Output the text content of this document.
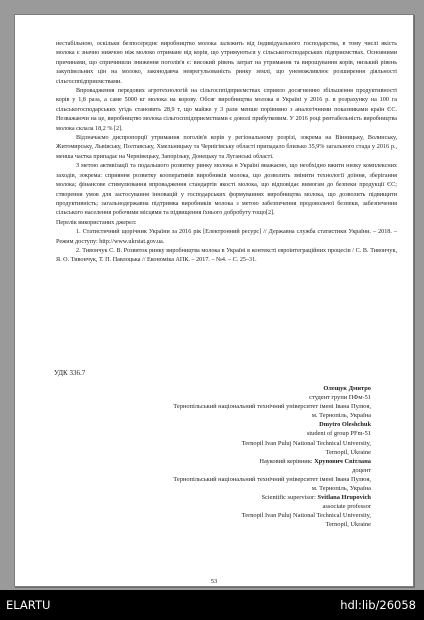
нестабільною, оскільки безпосереднє виробництво молока залежить від індивідуального господарства, в тому числі якість молока є значно нижчою ніж молоко отримане від корів, що утримуються у сільськогосподарських підприємствах. Основними причинами, що спричинили зниження поголів'я є: високий рівень затрат на утримання та вирощування корів, низький рівень закупівельних цін на молоко, законодавча неврегульованість ринку землі, що унеможливлює розширення діяльності сільгосппідприємствами.

Впровадження передових агротехнологій на сільгосппідприємствах сприяло досягненню збільшення продуктивності корів у 1,8 раза, а саме 5000 кг молока на корову. Обсяг виробництва молока в Україні у 2016 р. в розрахунку на 100 га сільськогосподарських угідь становить 28,9 т, що майже у 3 рази менше порівняно з аналогічними показниками країн ЄС. Незважаючи на це, виробництво молока сільгосппідприємствами є доволі прибутковим. У 2016 році рентабельність виробництва молока склала 18,2 % [2].

Відзначаємо диспропорції утримання поголів'я корів у регіональному розрізі, зокрема на Вінницьку, Волинську, Житомирську, Львівську, Полтавську, Хмельницьку та Чернігівську області припадало близько 35,9% загального стада у 2016 р., менша частка припадає на Чернівецьку, Запорізьку, Донецьку та Луганські області.

З метою активізації та подальшого розвитку ринку молока в Україні вважаємо, що необхідно вжити низку комплексних заходів, зокрема: сприяння розвитку кооперативів виробників молока, що дозволить змінити технології доїння, зберігання молока; фінансове стимулювання впровадження стандартів якості молока, що відповідає вимогам до безпеки продукції ЄС; створення умов для застосування інновацій у господарських формуваннях виробництва молока, що дозволить підвищити продуктивність; загальнодержавна підтримка виробників молока з метою забезпечення продовольчої безпеки, забезпечення сільського населення робочими місцями та підвищення їхнього добробуту тощо[2].

Перелік використаних джерел:

1. Статистичний щорічник України за 2016 рік [Електронний ресурс] // Державна служба статистики України. – 2018. – Режим доступу: http://www.ukrstat.gov.ua.

2. Тивончук С. В. Розвиток ринку виробництва молока в Україні в контексті євроінтеграційних процесів / С. В. Тивончук, Я. О. Тивончук, Т. П. Павлоцька // Економіка АПК. – 2017. – №4. – С. 25–31.

УДК 336.7
Олещук Дмитро
студент групи ПФм-51
Тернопільський національний технічний університет імені Івана Пулюя,
м. Тернопіль, Україна
Dmytro Oleshchuk
student of group PFm-51
Ternopil Ivan Puluj National Technical University,
Ternopil, Ukraine
Науковий керівник: Хрупович Світлана
доцент
Тернопільський національний технічний університет імені Івана Пулюя,
м. Тернопіль, Україна
Scientific supervisor: Svitlana Hrupovich
associate professor
Ternopil Ivan Puluj National Technical University,
Ternopil, Ukraine
53
ELARTU	hdl:lib/26058
